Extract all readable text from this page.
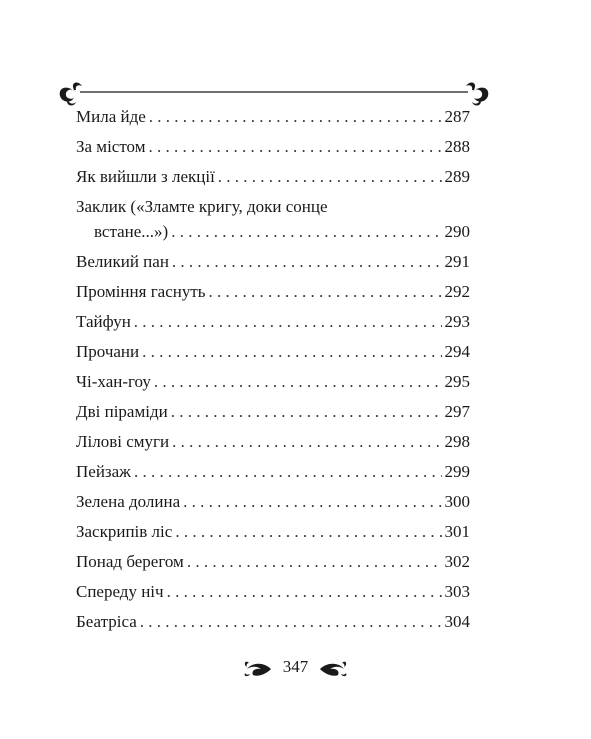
Мила йде . . .	287
За містом . . .	288
Як вийшли з лекції . . .	289
Заклик («Зламте кригу, доки сонце
встане...») . . .	290
Великий пан . . .	291
Проміння гаснуть . . .	292
Тайфун . . .	293
Прочани . . .	294
Чі-хан-гоу . . .	295
Дві піраміди . . .	297
Лілові смуги . . .	298
Пейзаж . . .	299
Зелена долина . . .	300
Заскрипів ліс . . .	301
Понад берегом . . .	302
Спереду ніч . . .	303
Беатріса . . .	304
347
